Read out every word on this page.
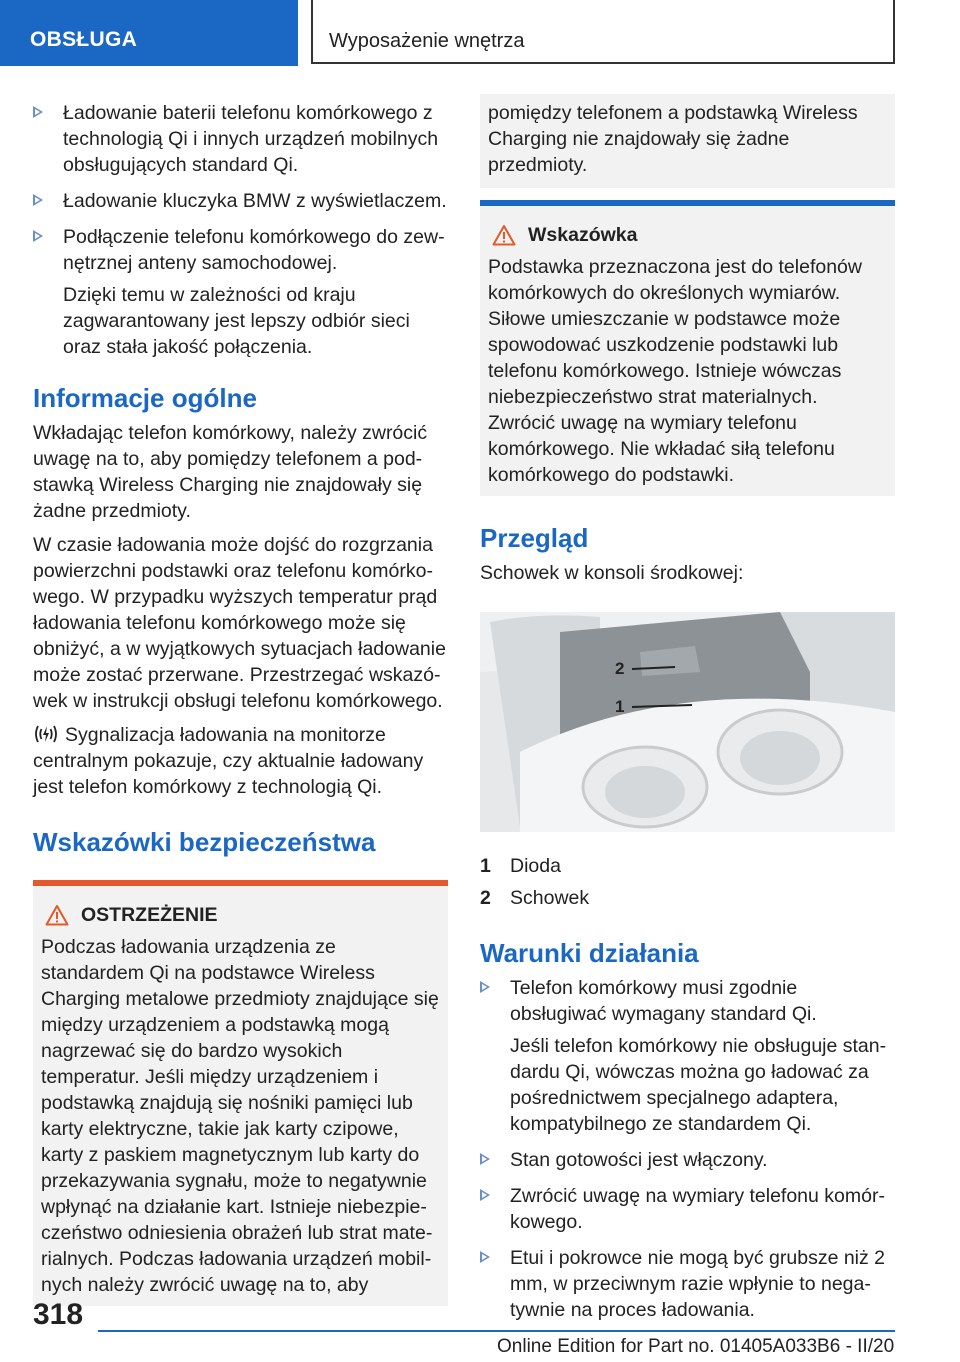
OBSŁUGA	Wyposażenie wnętrza
Ładowanie baterii telefonu komórkowego z technologią Qi i innych urządzeń mobilnych obsługujących standard Qi.
Ładowanie kluczyka BMW z wyświetlaczem.
Podłączenie telefonu komórkowego do zewnętrznej anteny samochodowej.
Dzięki temu w zależności od kraju zagwarantowany jest lepszy odbiór sieci oraz stała jakość połączenia.
Informacje ogólne

Wkładając telefon komórkowy, należy zwrócić uwagę na to, aby pomiędzy telefonem a podstawką Wireless Charging nie znajdowały się żadne przedmioty.

W czasie ładowania może dojść do rozgrzania powierzchni podstawki oraz telefonu komórkowego. W przypadku wyższych temperatur prąd ładowania telefonu komórkowego może się obniżyć, a w wyjątkowych sytuacjach ładowanie może zostać przerwane. Przestrzegać wskazówek w instrukcji obsługi telefonu komórkowego.

Sygnalizacja ładowania na monitorze centralnym pokazuje, czy aktualnie ładowany jest telefon komórkowy z technologią Qi.

Wskazówki bezpieczeństwa
OSTRZEŻENIE
Podczas ładowania urządzenia ze standardem Qi na podstawce Wireless Charging metalowe przedmioty znajdujące się między urządzeniem a podstawką mogą nagrzewać się do bardzo wysokich temperatur. Jeśli między urządzeniem i podstawką znajdują się nośniki pamięci lub karty elektryczne, takie jak karty czipowe, karty z paskiem magnetycznym lub karty do przekazywania sygnału, może to negatywnie wpłynąć na działanie kart. Istnieje niebezpieczeństwo odniesienia obrażeń lub strat materialnych. Podczas ładowania urządzeń mobilnych należy zwrócić uwagę na to, aby
pomiędzy telefonem a podstawką Wireless Charging nie znajdowały się żadne przedmioty.
Wskazówka
Podstawka przeznaczona jest do telefonów komórkowych do określonych wymiarów. Siłowe umieszczanie w podstawce może spowodować uszkodzenie podstawki lub telefonu komórkowego. Istnieje wówczas niebezpieczeństwo strat materialnych. Zwrócić uwagę na wymiary telefonu komórkowego. Nie wkładać siłą telefonu komórkowego do podstawki.
Przegląd

Schowek w konsoli środkowej:

2
1
1 Dioda
2 Schowek
Warunki działania
Telefon komórkowy musi zgodnie obsługiwać wymagany standard Qi.
Jeśli telefon komórkowy nie obsługuje standardu Qi, wówczas można go ładować za pośrednictwem specjalnego adaptera, kompatybilnego ze standardem Qi.
Stan gotowości jest włączony.
Zwrócić uwagę na wymiary telefonu komórkowego.
Etui i pokrowce nie mogą być grubsze niż 2 mm, w przeciwnym razie wpłynie to negatywnie na proces ładowania.
318
Online Edition for Part no. 01405A033B6 - II/20
